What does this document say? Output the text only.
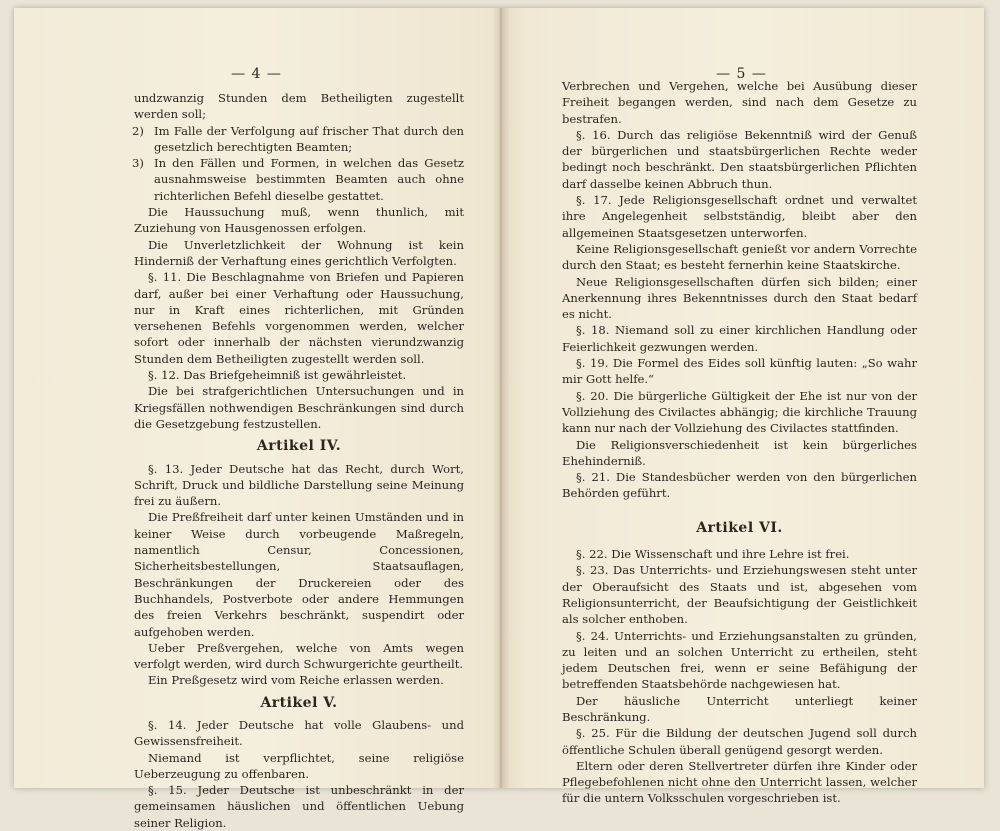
— 4 —

undzwanzig Stunden dem Betheiligten zugestellt werden soll;

2) Im Falle der Verfolgung auf frischer That durch den gesetzlich berechtigten Beamten;

3) In den Fällen und Formen, in welchen das Gesetz ausnahmsweise bestimmten Beamten auch ohne richterlichen Befehl dieselbe gestattet.

Die Haussuchung muß, wenn thunlich, mit Zuziehung von Hausgenossen erfolgen.

Die Unverletzlichkeit der Wohnung ist kein Hinderniß der Verhaftung eines gerichtlich Verfolgten.

§. 11. Die Beschlagnahme von Briefen und Papieren darf, außer bei einer Verhaftung oder Haussuchung, nur in Kraft eines richterlichen, mit Gründen versehenen Befehls vorgenommen werden, welcher sofort oder innerhalb der nächsten vierundzwanzig Stunden dem Betheiligten zugestellt werden soll.

§. 12. Das Briefgeheimniß ist gewährleistet.

Die bei strafgerichtlichen Untersuchungen und in Kriegsfällen nothwendigen Beschränkungen sind durch die Gesetzgebung festzustellen.

Artikel IV.

§. 13. Jeder Deutsche hat das Recht, durch Wort, Schrift, Druck und bildliche Darstellung seine Meinung frei zu äußern.

Die Preßfreiheit darf unter keinen Umständen und in keiner Weise durch vorbeugende Maßregeln, namentlich Censur, Concessionen, Sicherheitsbestellungen, Staatsauflagen, Beschränkungen der Druckereien oder des Buchhandels, Postverbote oder andere Hemmungen des freien Verkehrs beschränkt, suspendirt oder aufgehoben werden.

Ueber Preßvergehen, welche von Amts wegen verfolgt werden, wird durch Schwurgerichte geurtheilt.

Ein Preßgesetz wird vom Reiche erlassen werden.

Artikel V.

§. 14. Jeder Deutsche hat volle Glaubens- und Gewissensfreiheit.

Niemand ist verpflichtet, seine religiöse Ueberzeugung zu offenbaren.

§. 15. Jeder Deutsche ist unbeschränkt in der gemeinsamen häuslichen und öffentlichen Uebung seiner Religion.

— 5 —

Verbrechen und Vergehen, welche bei Ausübung dieser Freiheit begangen werden, sind nach dem Gesetze zu bestrafen.

§. 16. Durch das religiöse Bekenntniß wird der Genuß der bürgerlichen und staatsbürgerlichen Rechte weder bedingt noch beschränkt. Den staatsbürgerlichen Pflichten darf dasselbe keinen Abbruch thun.

§. 17. Jede Religionsgesellschaft ordnet und verwaltet ihre Angelegenheit selbstständig, bleibt aber den allgemeinen Staatsgesetzen unterworfen.

Keine Religionsgesellschaft genießt vor andern Vorrechte durch den Staat; es besteht fernerhin keine Staatskirche.

Neue Religionsgesellschaften dürfen sich bilden; einer Anerkennung ihres Bekenntnisses durch den Staat bedarf es nicht.

§. 18. Niemand soll zu einer kirchlichen Handlung oder Feierlichkeit gezwungen werden.

§. 19. Die Formel des Eides soll künftig lauten: „So wahr mir Gott helfe.“

§. 20. Die bürgerliche Gültigkeit der Ehe ist nur von der Vollziehung des Civilactes abhängig; die kirchliche Trauung kann nur nach der Vollziehung des Civilactes stattfinden.

Die Religionsverschiedenheit ist kein bürgerliches Ehehinderniß.

§. 21. Die Standesbücher werden von den bürgerlichen Behörden geführt.

Artikel VI.

§. 22. Die Wissenschaft und ihre Lehre ist frei.

§. 23. Das Unterrichts- und Erziehungswesen steht unter der Oberaufsicht des Staats und ist, abgesehen vom Religionsunterricht, der Beaufsichtigung der Geistlichkeit als solcher enthoben.

§. 24. Unterrichts- und Erziehungsanstalten zu gründen, zu leiten und an solchen Unterricht zu ertheilen, steht jedem Deutschen frei, wenn er seine Befähigung der betreffenden Staatsbehörde nachgewiesen hat.

Der häusliche Unterricht unterliegt keiner Beschränkung.

§. 25. Für die Bildung der deutschen Jugend soll durch öffentliche Schulen überall genügend gesorgt werden.

Eltern oder deren Stellvertreter dürfen ihre Kinder oder Pflegebefohlenen nicht ohne den Unterricht lassen, welcher für die untern Volksschulen vorgeschrieben ist.
